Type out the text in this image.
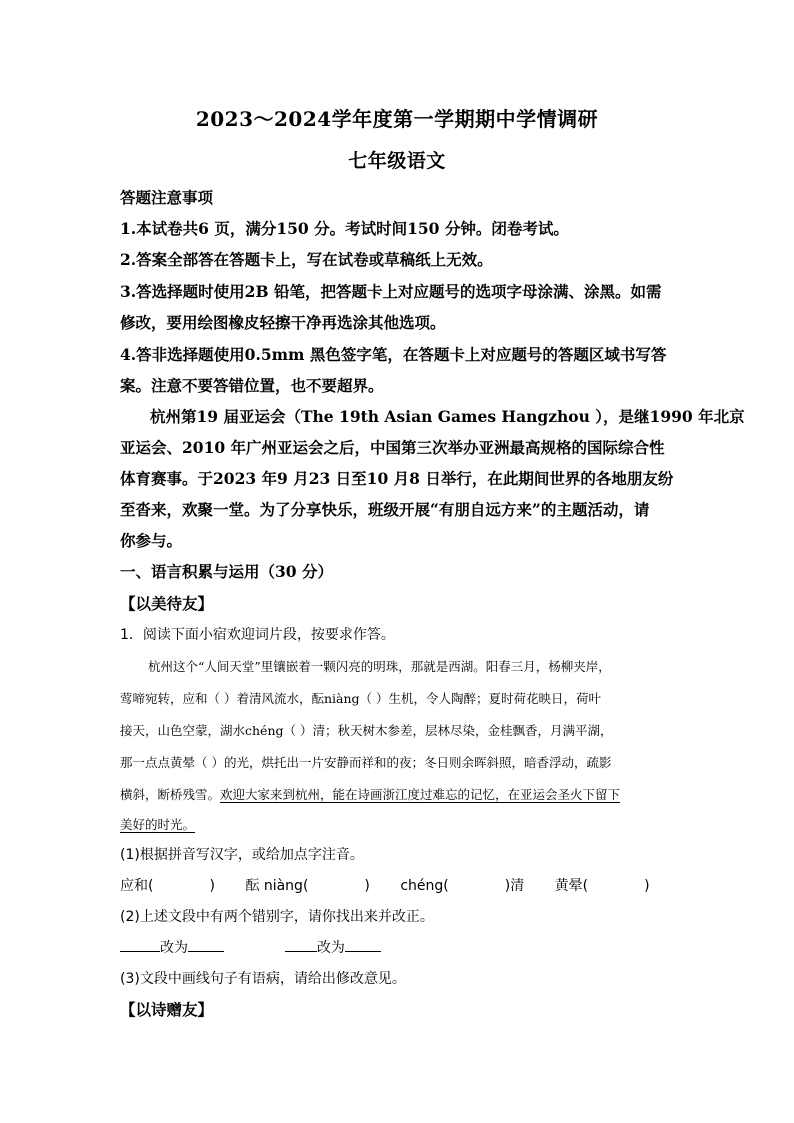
2023～2024学年度第一学期期中学情调研
七年级语文
答题注意事项
1.本试卷共6 页，满分150 分。考试时间150 分钟。闭卷考试。
2.答案全部答在答题卡上，写在试卷或草稿纸上无效。
3.答选择题时使用2B 铅笔，把答题卡上对应题号的选项字母涂满、涂黑。如需
修改，要用绘图橡皮轻擦干净再选涂其他选项。
4.答非选择题使用0.5mm 黑色签字笔，在答题卡上对应题号的答题区域书写答
案。注意不要答错位置，也不要超界。
杭州第19 届亚运会（The 19th Asian Games Hangzhou ），是继1990 年北京
亚运会、2010 年广州亚运会之后，中国第三次举办亚洲最高规格的国际综合性
体育赛事。于2023 年9 月23 日至10 月8 日举行，在此期间世界的各地朋友纷
至沓来，欢聚一堂。为了分享快乐，班级开展“有朋自远方来”的主题活动，请
你参与。
一、语言积累与运用（30 分）
【以美待友】
1．阅读下面小宿欢迎词片段，按要求作答。
杭州这个“人间天堂”里镶嵌着一颗闪亮的明珠，那就是西湖。阳春三月，杨柳夹岸，
莺啼宛转，应和（ ）着清风流水，酝niàng（ ）生机，令人陶醉；夏时荷花映日，荷叶
接天，山色空蒙，湖水chéng（ ）清；秋天树木参差，层林尽染，金桂飘香，月满平湖，
那一点点黄晕（ ）的光，烘托出一片安静而祥和的夜；冬日则余晖斜照，暗香浮动，疏影
横斜，断桥残雪。欢迎大家来到杭州，能在诗画浙江度过难忘的记忆，在亚运会圣火下留下
美好的时光。
(1)根据拼音写汉字，或给加点字注音。
应和(	) 酝 niàng(	) chéng(	)清 黄晕(	)
(2)上述文段中有两个错别字，请你找出来并改正。
改为	改为
(3)文段中画线句子有语病，请给出修改意见。
【以诗赠友】
